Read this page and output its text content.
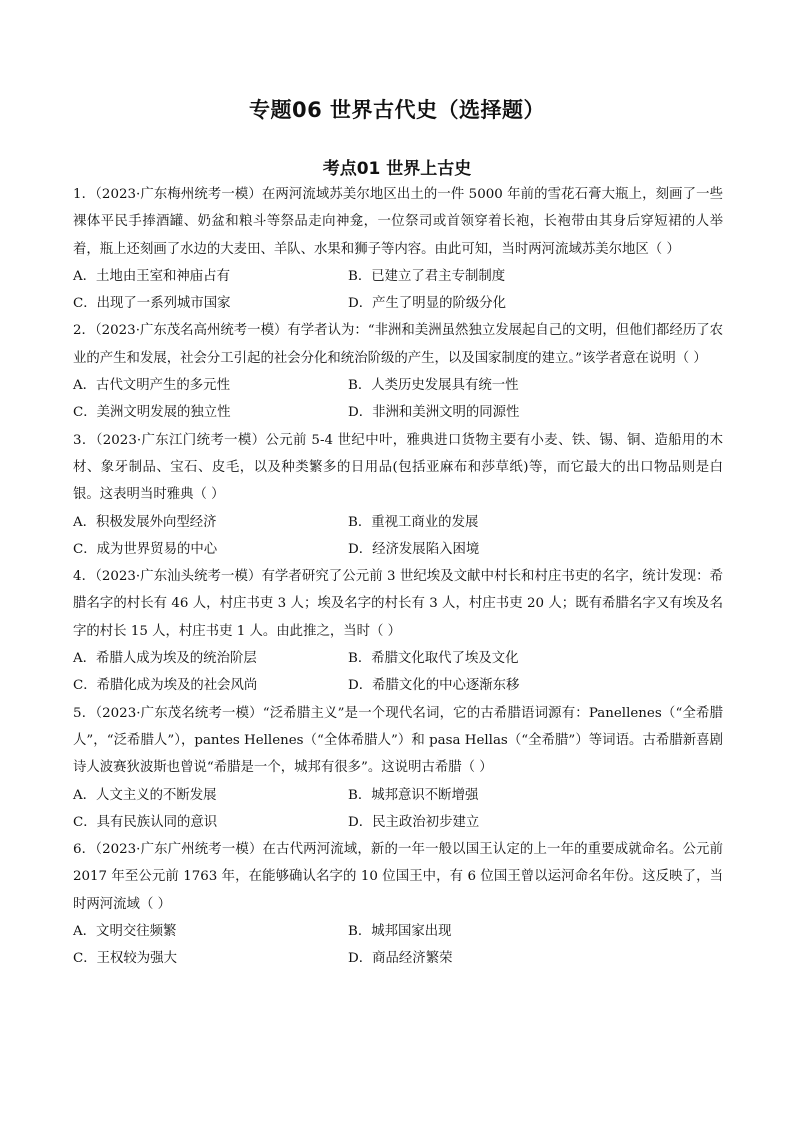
专题06 世界古代史（选择题）
考点01 世界上古史

1．（2023·广东梅州统考一模）在两河流域苏美尔地区出土的一件 5000 年前的雪花石膏大瓶上，刻画了一些裸体平民手捧酒罐、奶盆和粮斗等祭品走向神龛，一位祭司或首领穿着长袍，长袍带由其身后穿短裙的人举着，瓶上还刻画了水边的大麦田、羊队、水果和狮子等内容。由此可知，当时两河流域苏美尔地区（ ）

A．土地由王室和神庙占有	B．已建立了君主专制制度
C．出现了一系列城市国家	D．产生了明显的阶级分化

2．（2023·广东茂名高州统考一模）有学者认为：“非洲和美洲虽然独立发展起自己的文明，但他们都经历了农业的产生和发展，社会分工引起的社会分化和统治阶级的产生，以及国家制度的建立。”该学者意在说明（ ）

A．古代文明产生的多元性	B．人类历史发展具有统一性
C．美洲文明发展的独立性	D．非洲和美洲文明的同源性

3．（2023·广东江门统考一模）公元前 5-4 世纪中叶，雅典进口货物主要有小麦、铁、锡、铜、造船用的木材、象牙制品、宝石、皮毛，以及种类繁多的日用品(包括亚麻布和莎草纸)等，而它最大的出口物品则是白银。这表明当时雅典（ ）

A．积极发展外向型经济	B．重视工商业的发展
C．成为世界贸易的中心	D．经济发展陷入困境

4．（2023·广东汕头统考一模）有学者研究了公元前 3 世纪埃及文献中村长和村庄书吏的名字，统计发现：希腊名字的村长有 46 人，村庄书吏 3 人；埃及名字的村长有 3 人，村庄书吏 20 人；既有希腊名字又有埃及名字的村长 15 人，村庄书吏 1 人。由此推之，当时（ ）

A．希腊人成为埃及的统治阶层	B．希腊文化取代了埃及文化
C．希腊化成为埃及的社会风尚	D．希腊文化的中心逐渐东移

5．（2023·广东茂名统考一模）“泛希腊主义”是一个现代名词，它的古希腊语词源有：Panellenes（“全希腊人”，“泛希腊人”），pantes Hellenes（“全体希腊人”）和 pasa Hellas（“全希腊”）等词语。古希腊新喜剧诗人波赛狄波斯也曾说“希腊是一个，城邦有很多”。这说明古希腊（ ）

A．人文主义的不断发展	B．城邦意识不断增强
C．具有民族认同的意识	D．民主政治初步建立

6．（2023·广东广州统考一模）在古代两河流域，新的一年一般以国王认定的上一年的重要成就命名。公元前 2017 年至公元前 1763 年，在能够确认名字的 10 位国王中，有 6 位国王曾以运河命名年份。这反映了，当时两河流域（ ）

A．文明交往频繁	B．城邦国家出现
C．王权较为强大	D．商品经济繁荣
